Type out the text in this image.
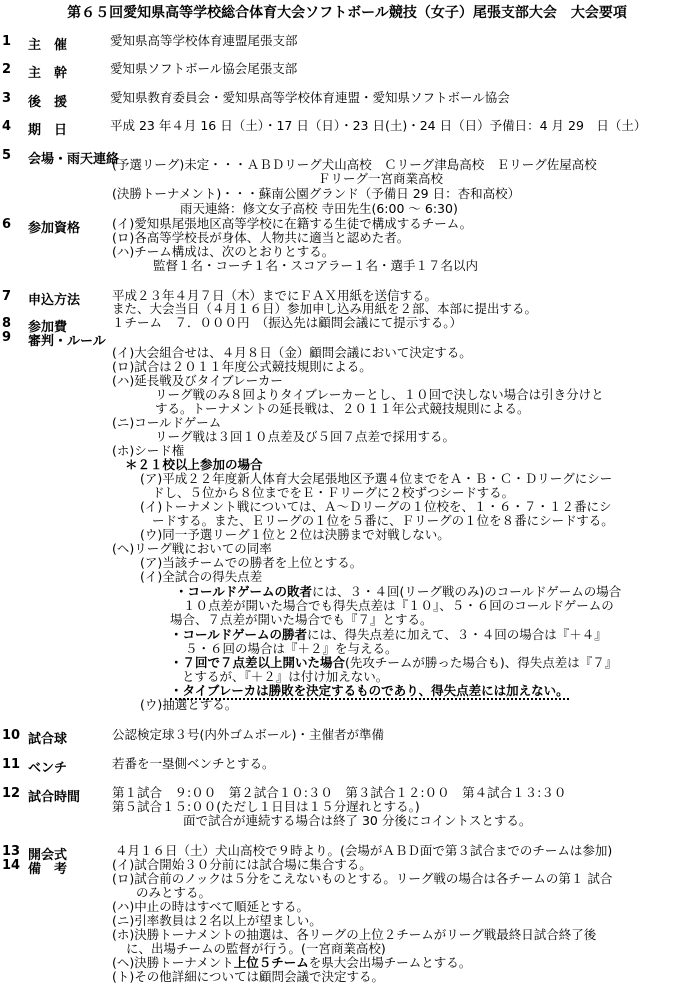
第６５回愛知県高等学校総合体育大会ソフトボール競技（女子）尾張支部大会　大会要項
1 主　催
2 主　幹
3 後　援
4 期　日
5 会場・雨天連絡
6 参加資格
7 申込方法
8 参加費
9 審判・ルール
10 試合球
11 ベンチ
12 試合時間
13 開会式
14 備　考
愛知県高等学校体育連盟尾張支部
愛知県ソフトボール協会尾張支部
愛知県教育委員会・愛知県高等学校体育連盟・愛知県ソフトボール協会
平成 23 年４月 16 日（土）・17 日（日）・23 日(土)・24 日（日）予備日：4 月 29　日（土）
(予選リーグ)未定・・・ＡＢＤリーグ犬山高校　Ｃリーグ津島高校　Ｅリーグ佐屋高校
Ｆリーグ一宮商業高校
(決勝トーナメント)・・・蘇南公園グランド（予備日 29 日：杏和高校）
雨天連絡：修文女子高校 寺田先生(6:00 ～ 6:30)
(イ)愛知県尾張地区高等学校に在籍する生徒で構成するチーム。
(ロ)各高等学校長が身体、人物共に適当と認めた者。
(ハ)チーム構成は、次のとおりとする。
監督１名・コーチ１名・スコアラー１名・選手１７名以内
平成２３年４月７日（木）までにＦＡＸ用紙を送信する。
また、大会当日（４月１６日）参加申し込み用紙を２部、本部に提出する。
１チーム　７．０００円　（振込先は顧問会議にて提示する。）
(イ)大会組合せは、４月８日（金）顧問会議において決定する。
(ロ)試合は２０１１年度公式競技規則による。
(ハ)延長戦及びタイブレーカー
リーグ戦のみ８回よりタイブレーカーとし、１０回で決しない場合は引き分けと
する。トーナメントの延長戦は、２０１１年公式競技規則による。
(ニ)コールドゲーム
リーグ戦は３回１０点差及び５回７点差で採用する。
(ホ)シード権
＊２１校以上参加の場合
(ア)平成２２年度新人体育大会尾張地区予選４位までをＡ・Ｂ・Ｃ・Ｄリーグにシー
ドし、５位から８位までをＥ・Ｆリーグに２校ずつシードする。
(イ)トーナメント戦については、Ａ～Ｄリーグの１位校を、１・６・７・１２番にシ
ードする。また、Ｅリーグの１位を５番に、Ｆリーグの１位を８番にシードする。
(ウ)同一予選リーグ１位と２位は決勝まで対戦しない。
(ヘ)リーグ戦においての同率
(ア)当該チームでの勝者を上位とする。
(イ)全試合の得失点差
・コールドゲームの敗者には、３・４回(リーグ戦のみ)のコールドゲームの場合
１０点差が開いた場合でも得失点差は『１０』、５・６回のコールドゲームの
場合、７点差が開いた場合でも『７』とする。
・コールドゲームの勝者には、得失点差に加えて、３・４回の場合は『＋４』
５・６回の場合は『＋２』を与える。
・７回で７点差以上開いた場合(先攻チームが勝った場合も)、得失点差は『７』
とするが、『＋２』は付け加えない。
・タイブレーカは勝敗を決定するものであり、得失点差には加えない。
(ウ)抽選とする。
公認検定球３号(内外ゴムボール)・主催者が準備
若番を一塁側ベンチとする。
第１試合　９:００　第２試合１０:３０　第３試合１２:００　第４試合１３:３０
第５試合１５:００(ただし１日目は１５分遅れとする。)
面で試合が連続する場合は終了 30 分後にコイントスとする。
４月１６日（土）犬山高校で９時より。(会場がＡＢＤ面で第３試合までのチームは参加)
(イ)試合開始３０分前には試合場に集合する。
(ロ)試合前のノックは５分をこえないものとする。リーグ戦の場合は各チームの第１ 試合
のみとする。
(ハ)中止の時はすべて順延とする。
(ニ)引率教員は２名以上が望ましい。
(ホ)決勝トーナメントの抽選は、各リーグの上位２チームがリーグ戦最終日試合終了後
に、出場チームの監督が行う。(一宮商業高校)
(ヘ)決勝トーナメント上位５チームを県大会出場チームとする。
(ト)その他詳細については顧問会議で決定する。
